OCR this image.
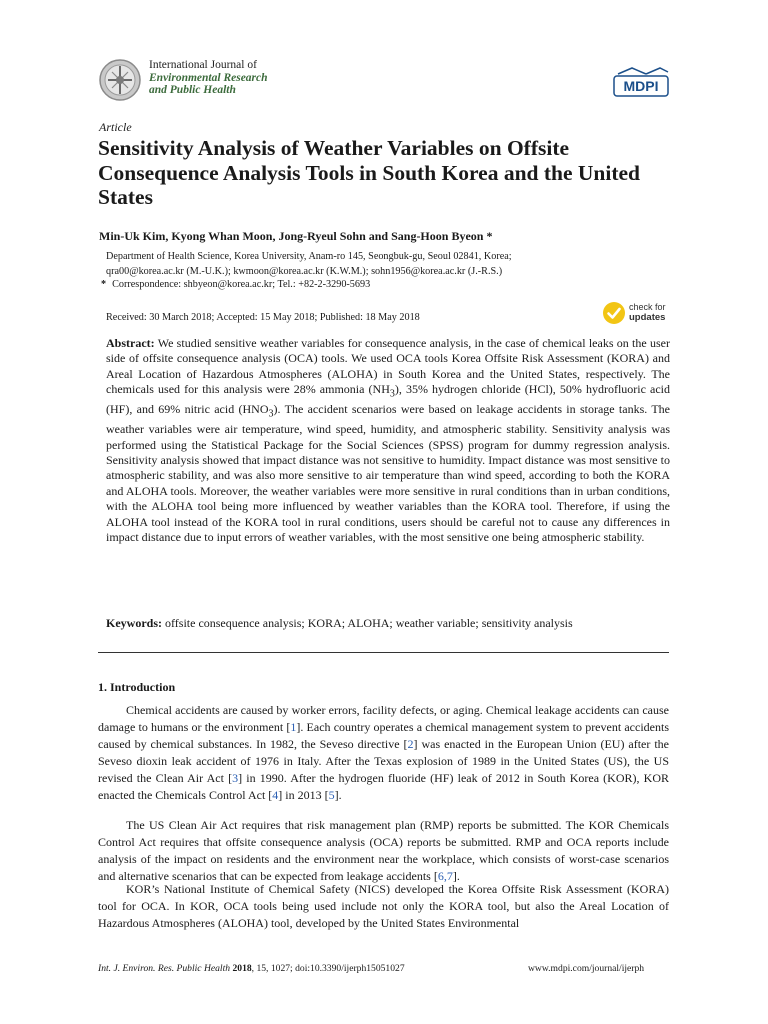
International Journal of
Environmental Research
and Public Health	MDPI
Article
Sensitivity Analysis of Weather Variables on Offsite Consequence Analysis Tools in South Korea and the United States
Min-Uk Kim, Kyong Whan Moon, Jong-Ryeul Sohn and Sang-Hoon Byeon *
Department of Health Science, Korea University, Anam-ro 145, Seongbuk-gu, Seoul 02841, Korea;
qra00@korea.ac.kr (M.-U.K.); kwmoon@korea.ac.kr (K.W.M.); sohn1956@korea.ac.kr (J.-R.S.)
* Correspondence: shbyeon@korea.ac.kr; Tel.: +82-2-3290-5693
Received: 30 March 2018; Accepted: 15 May 2018; Published: 18 May 2018
check for
updates

Abstract: We studied sensitive weather variables for consequence analysis, in the case of chemical leaks on the user side of offsite consequence analysis (OCA) tools. We used OCA tools Korea Offsite Risk Assessment (KORA) and Areal Location of Hazardous Atmospheres (ALOHA) in South Korea and the United States, respectively. The chemicals used for this analysis were 28% ammonia $(NH_3)$, 35% hydrogen chloride (HCl), 50% hydrofluoric acid (HF), and 69% nitric acid $(HNO_3)$. The accident scenarios were based on leakage accidents in storage tanks. The weather variables were air temperature, wind speed, humidity, and atmospheric stability. Sensitivity analysis was performed using the Statistical Package for the Social Sciences (SPSS) program for dummy regression analysis. Sensitivity analysis showed that impact distance was not sensitive to humidity. Impact distance was most sensitive to atmospheric stability, and was also more sensitive to air temperature than wind speed, according to both the KORA and ALOHA tools. Moreover, the weather variables were more sensitive in rural conditions than in urban conditions, with the ALOHA tool being more influenced by weather variables than the KORA tool. Therefore, if using the ALOHA tool instead of the KORA tool in rural conditions, users should be careful not to cause any differences in impact distance due to input errors of weather variables, with the most sensitive one being atmospheric stability.

Keywords: offsite consequence analysis; KORA; ALOHA; weather variable; sensitivity analysis
1. Introduction

Chemical accidents are caused by worker errors, facility defects, or aging. Chemical leakage accidents can cause damage to humans or the environment [1]. Each country operates a chemical management system to prevent accidents caused by chemical substances. In 1982, the Seveso directive [2] was enacted in the European Union (EU) after the Seveso dioxin leak accident of 1976 in Italy. After the Texas explosion of 1989 in the United States (US), the US revised the Clean Air Act [3] in 1990. After the hydrogen fluoride (HF) leak of 2012 in South Korea (KOR), KOR enacted the Chemicals Control Act [4] in 2013 [5].

The US Clean Air Act requires that risk management plan (RMP) reports be submitted. The KOR Chemicals Control Act requires that offsite consequence analysis (OCA) reports be submitted. RMP and OCA reports include analysis of the impact on residents and the environment near the workplace, which consists of worst-case scenarios and alternative scenarios that can be expected from leakage accidents [6,7].

KOR’s National Institute of Chemical Safety (NICS) developed the Korea Offsite Risk Assessment (KORA) tool for OCA. In KOR, OCA tools being used include not only the KORA tool, but also the Areal Location of Hazardous Atmospheres (ALOHA) tool, developed by the United States Environmental

Int. J. Environ. Res. Public Health 2018, 15, 1027; doi:10.3390/ijerph15051027	www.mdpi.com/journal/ijerph
